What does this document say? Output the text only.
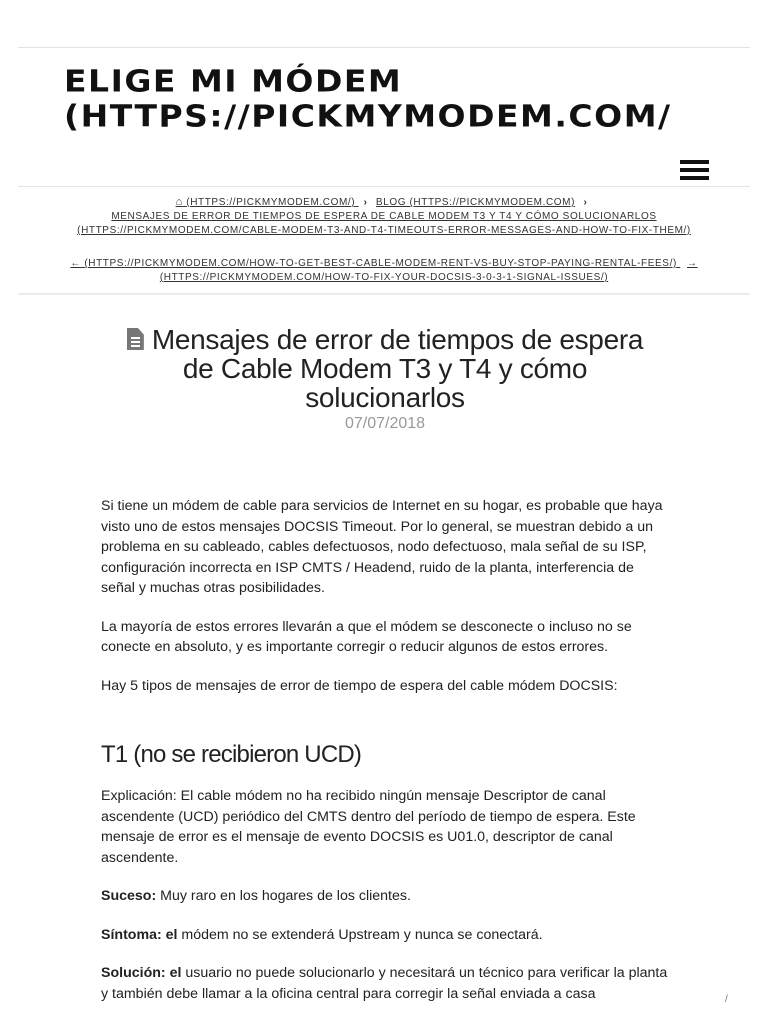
ELIGE MI MÓDEM
(HTTPS://PICKMYMODEM.COM/
⌂ (HTTPS://PICKMYMODEM.COM/) › BLOG (HTTPS://PICKMYMODEM.COM) ›
MENSAJES DE ERROR DE TIEMPOS DE ESPERA DE CABLE MODEM T3 Y T4 Y CÓMO SOLUCIONARLOS (HTTPS://PICKMYMODEM.COM/CABLE-MODEM-T3-AND-T4-TIMEOUTS-ERROR-MESSAGES-AND-HOW-TO-FIX-THEM/)
← (HTTPS://PICKMYMODEM.COM/HOW-TO-GET-BEST-CABLE-MODEM-RENT-VS-BUY-STOP-PAYING-RENTAL-FEES/) → (HTTPS://PICKMYMODEM.COM/HOW-TO-FIX-YOUR-DOCSIS-3-0-3-1-SIGNAL-ISSUES/)
Mensajes de error de tiempos de espera de Cable Modem T3 y T4 y cómo solucionarlos
07/07/2018

Si tiene un módem de cable para servicios de Internet en su hogar, es probable que haya visto uno de estos mensajes DOCSIS Timeout. Por lo general, se muestran debido a un problema en su cableado, cables defectuosos, nodo defectuoso, mala señal de su ISP, configuración incorrecta en ISP CMTS / Headend, ruido de la planta, interferencia de señal y muchas otras posibilidades.

La mayoría de estos errores llevarán a que el módem se desconecte o incluso no se conecte en absoluto, y es importante corregir o reducir algunos de estos errores.

Hay 5 tipos de mensajes de error de tiempo de espera del cable módem DOCSIS:

T1 (no se recibieron UCD)

Explicación: El cable módem no ha recibido ningún mensaje Descriptor de canal ascendente (UCD) periódico del CMTS dentro del período de tiempo de espera. Este mensaje de error es el mensaje de evento DOCSIS es U01.0, descriptor de canal ascendente.

Suceso: Muy raro en los hogares de los clientes.

Síntoma: el módem no se extenderá Upstream y nunca se conectará.

Solución: el usuario no puede solucionarlo y necesitará un técnico para verificar la planta y también debe llamar a la oficina central para corregir la señal enviada a casa	/
